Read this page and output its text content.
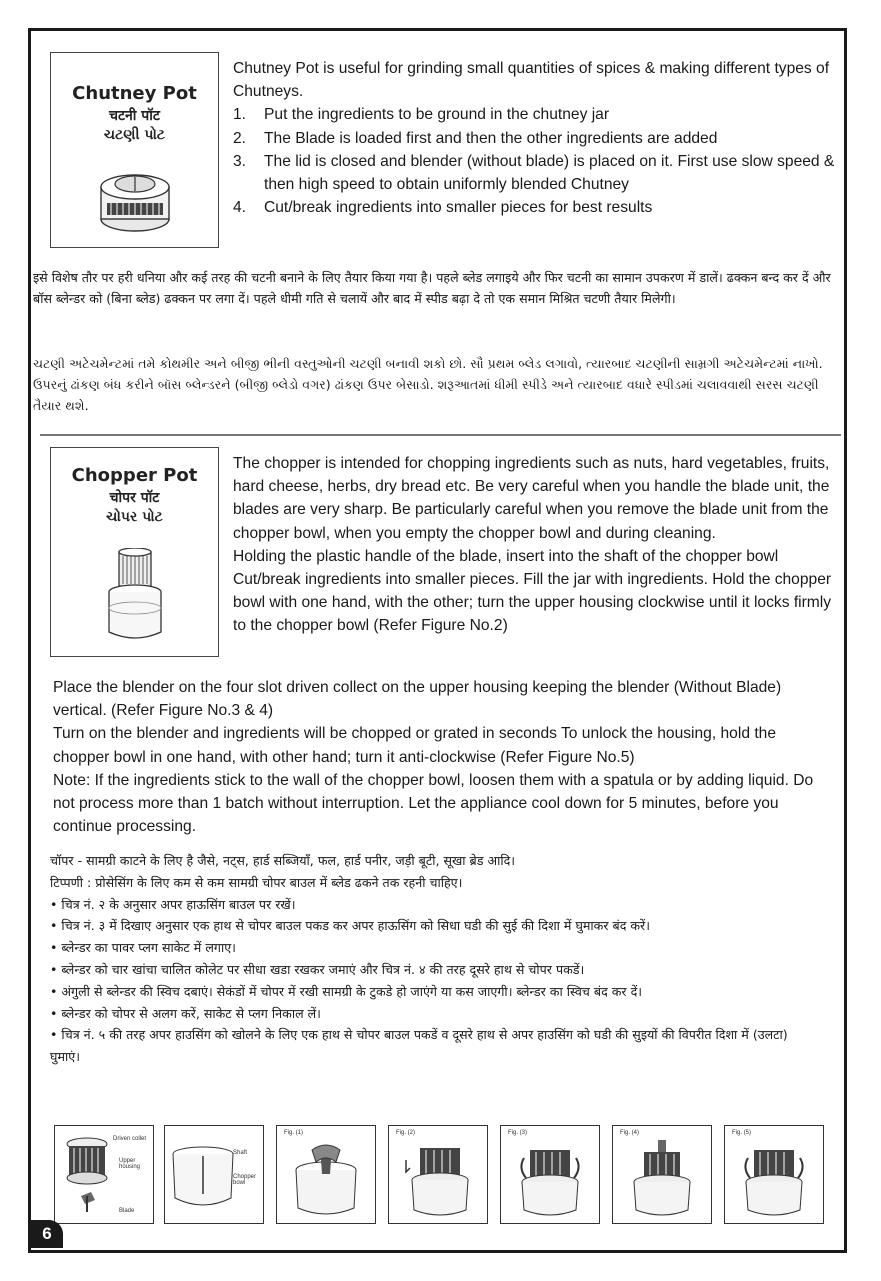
Chutney Pot
चटनी पॉट
ચટણી પોટ

Chutney Pot is useful for grinding small quantities of spices & making different types of Chutneys.

1.	Put the ingredients to be ground in the chutney jar
2.	The Blade is loaded first and then the other ingredients are added
3.	The lid is closed and blender (without blade) is placed on it. First use slow speed & then high speed to obtain uniformly blended Chutney
4.	Cut/break ingredients into smaller pieces for best results

इसे विशेष तौर पर हरी धनिया और कई तरह की चटनी बनाने के लिए तैयार किया गया है। पहले ब्लेड लगाइये और फिर चटनी का सामान उपकरण में डालें। ढक्कन बन्द कर दें और बॉस ब्लेन्डर को (बिना ब्लेड) ढक्कन पर लगा दें। पहले धीमी गति से चलायें और बाद में स्पीड बढ़ा दे तो एक समान मिश्रित चटणी तैयार मिलेगी।

ચટણી અટેચમેન્ટમાં તમે કોથમીર અને બીજી ભીની વસ્તુઓની ચટણી બનાવી શકો છો. સૌ પ્રથમ બ્લેડ લગાવો, ત્યારબાદ ચટણીની સામ્રગી અટેચમેન્ટમાં નાખો. ઉપરનું ઢાંકણ બંધ કરીને બૉસ બ્લેન્ડરને (બીજી બ્લેડો વગર) ઢાંકણ ઉપર બેસાડો. શરૂઆતમાં ધીમી સ્પીડે અને ત્યારબાદ વધારે સ્પીડમાં ચલાવવાથી સરસ ચટણી તૈયાર થશે.

Chopper Pot
चोपर पॉट
ચોપર પોટ

The chopper is intended for chopping ingredients such as nuts, hard vegetables, fruits, hard cheese, herbs, dry bread etc. Be very careful when you handle the blade unit, the blades are very sharp. Be particularly careful when you remove the blade unit from the chopper bowl, when you empty the chopper bowl and during cleaning.

Holding the plastic handle of the blade, insert into the shaft of the chopper bowl Cut/break ingredients into smaller pieces. Fill the jar with ingredients. Hold the chopper bowl with one hand, with the other; turn the upper housing clockwise until it locks firmly to the chopper bowl (Refer Figure No.2)

Place the blender on the four slot driven collect on the upper housing keeping the blender (Without Blade) vertical. (Refer Figure No.3 & 4)

Turn on the blender and ingredients will be chopped or grated in seconds To unlock the housing, hold the chopper bowl in one hand, with other hand; turn it anti-clockwise (Refer Figure No.5)

Note: If the ingredients stick to the wall of the chopper bowl, loosen them with a spatula or by adding liquid. Do not process more than 1 batch without interruption. Let the appliance cool down for 5 minutes, before you continue processing.

चॉपर - सामग्री काटने के लिए है जैसे, नट्स, हार्ड सब्जियाँ, फल, हार्ड पनीर, जड़ी बूटी, सूखा ब्रेड आदि।

टिप्पणी : प्रोसेसिंग के लिए कम से कम सामग्री चोपर बाउल में ब्लेड ढकने तक रहनी चाहिए।

• चित्र नं. २ के अनुसार अपर हाऊसिंग बाउल पर रखें।

• चित्र नं. ३ में दिखाए अनुसार एक हाथ से चोपर बाउल पकड कर अपर हाऊसिंग को सिधा घडी की सुई की दिशा में घुमाकर बंद करें।

• ब्लेन्डर का पावर प्लग साकेट में लगाए।

• ब्लेन्डर को चार खांचा चालित कोलेट पर सीधा खडा रखकर जमाएं और चित्र नं. ४ की तरह दूसरे हाथ से चोपर पकडें।

• अंगुली से ब्लेन्डर की स्विच दबाएं। सेकंडों में चोपर में रखी सामग्री के टुकडे हो जाएंगे या कस जाएगी। ब्लेन्डर का स्विच बंद कर दें।

• ब्लेन्डर को चोपर से अलग करें, साकेट से प्लग निकाल लें।

• चित्र नं. ५ की तरह अपर हाउसिंग को खोलने के लिए एक हाथ से चोपर बाउल पकडें व दूसरे हाथ से अपर हाउसिंग को घडी की सुइयों की विपरीत दिशा में (उलटा) घुमाएं।

Driven collet
Upper housing
Blade
Shaft
Chopper bowl
Fig. (1)	Fig. (2)	Fig. (3)	Fig. (4)	Fig. (5)
6
